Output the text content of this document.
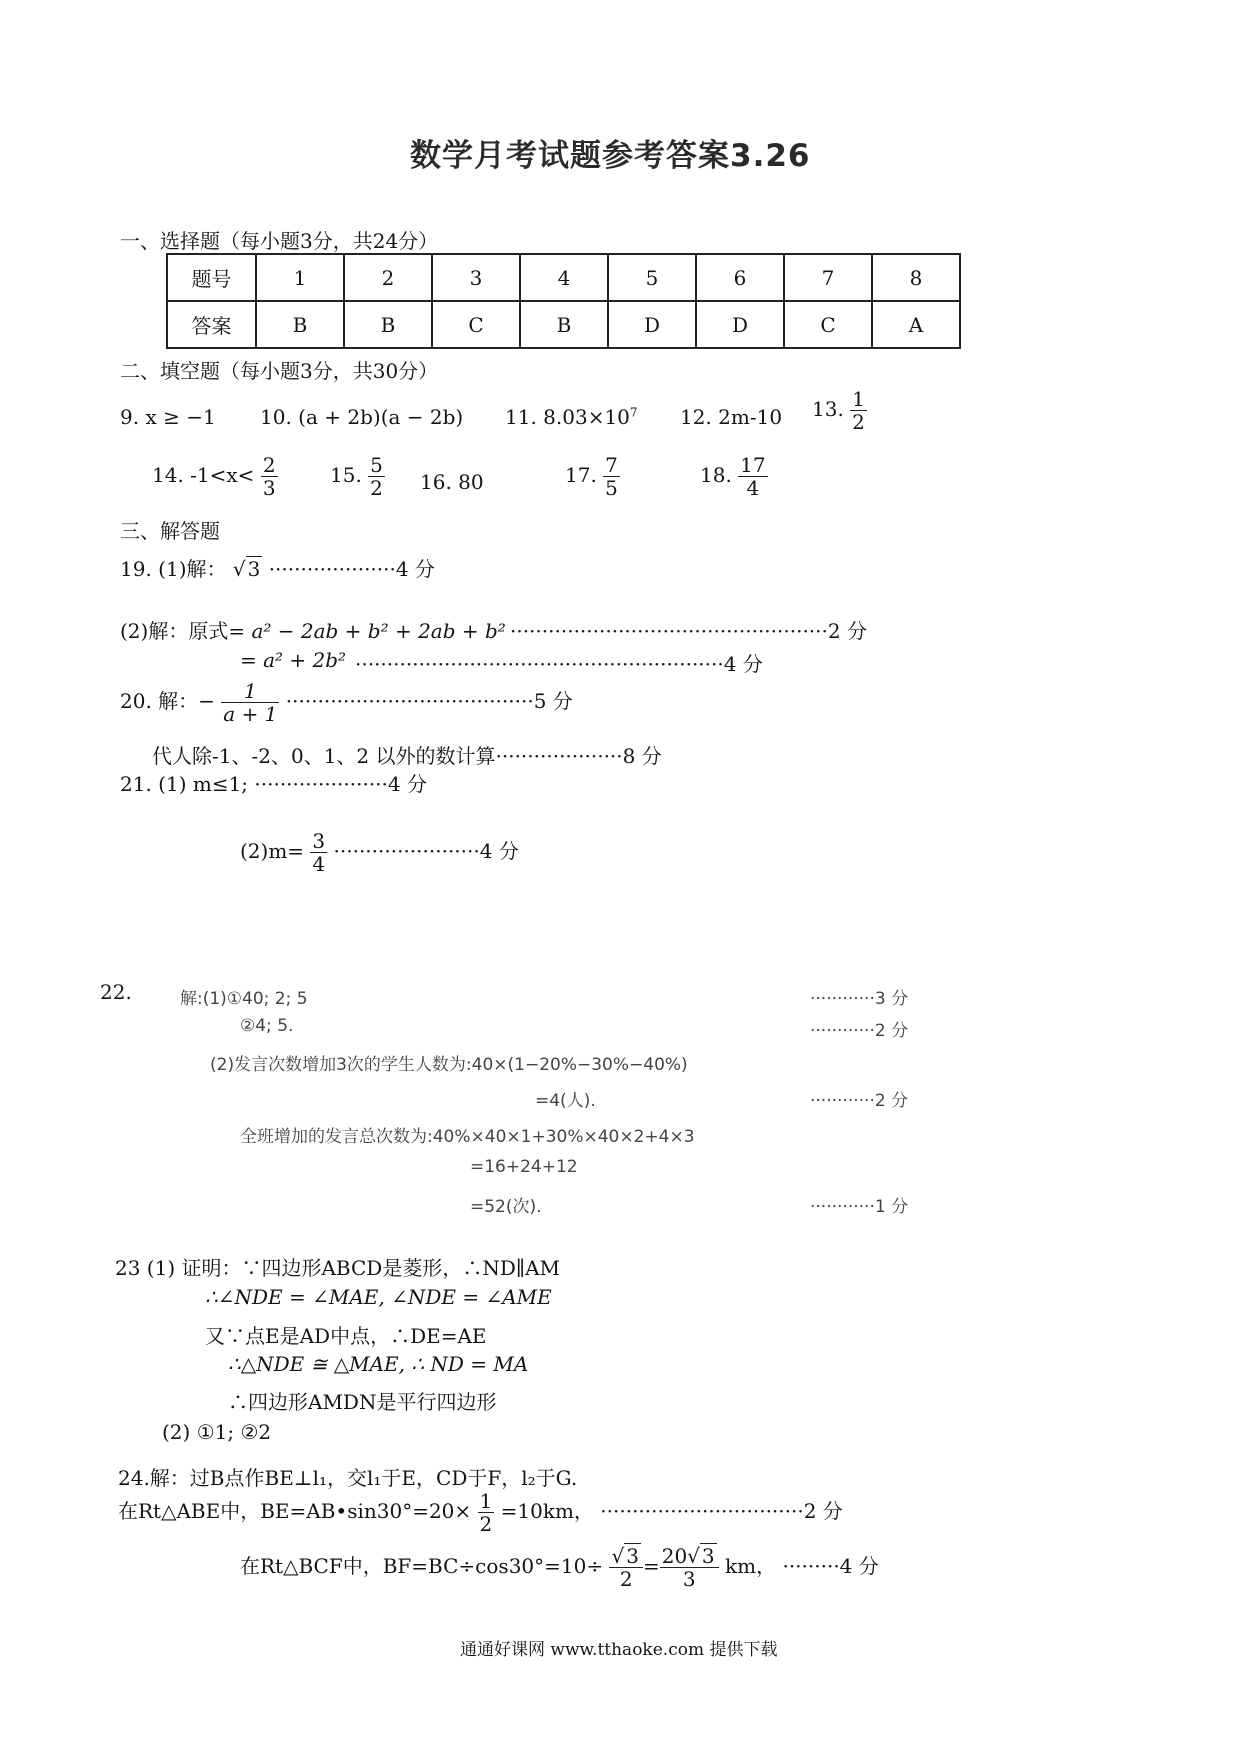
数学月考试题参考答案3.26
一、选择题（每小题3分，共24分）
题号	1	2	3	4	5	6	7	8
答案	B	B	C	B	D	D	C	A
二、填空题（每小题3分，共30分）
9. x ≥ −1 10. (a + 2b)(a − 2b) 11. $8.03\times 10^7$ 12. 2m-10 13. $\frac{1}{2}$
14. $-1<x< \frac{2}{3}$	15. $\frac{5}{2} 16$. 80	17. $\frac{7}{5}$	18. $\frac{17}{4}$
三、解答题
19. (1)解： √ 3 ····················4 分
(2)解：原式= a² − 2ab + b² + 2ab + b² ··················································2 分
= a² + 2b² ··························································4 分
20. 解：− $\frac{1}{a + 1} \cdot\cdot\cdot\cdot\cdot\cdot\cdot\cdot\cdot\cdot\cdot\cdot\cdot\cdot\cdot\cdot\cdot\cdot\cdot\cdot\cdot\cdot\cdot\cdot\cdot\cdot\cdot\cdot\cdot\cdot\cdot\cdot\cdot\cdot\cdot\cdot\cdot\cdot\cdot 5$ 分
代人除-1、-2、0、1、2 以外的数计算····················8 分
21. (1) m≤1; ·····················4 分
$(2)m= \frac{3}{4} \cdot\cdot\cdot\cdot\cdot\cdot\cdot\cdot\cdot\cdot\cdot\cdot\cdot\cdot\cdot\cdot\cdot\cdot\cdot\cdot\cdot\cdot\cdot 4$ 分
22.	解:(1)①40; 2; 5	············3 分
②4; 5.	············2 分
(2)发言次数增加3次的学生人数为:40×(1−20%−30%−40%)
=4(人).	············2 分
全班增加的发言总次数为:40%×40×1+30%×40×2+4×3
=16+24+12
=52(次).	············1 分
23 (1) 证明：∵四边形ABCD是菱形，∴ND∥AM
∴∠NDE = ∠MAE, ∠NDE = ∠AME
又∵点E是AD中点，∴DE=AE
∴△NDE ≅ △MAE, ∴ ND = MA
∴四边形AMDN是平行四边形
(2) ①1; ②2
24.解：过B点作BE⊥l₁，交l₁于E，CD于F，l₂于G.
在Rt△ABE中，BE=AB•sin30°=20× $\frac{1}{2} =10km$， ································2 分
在Rt△BCF中，$BF=BC\div\cos 30^\circ=10\div \frac{√ 3}{2} = \frac{20√ 3}{3}$ km， ·········4 分
通通好课网 www.tthaoke.com 提供下载
